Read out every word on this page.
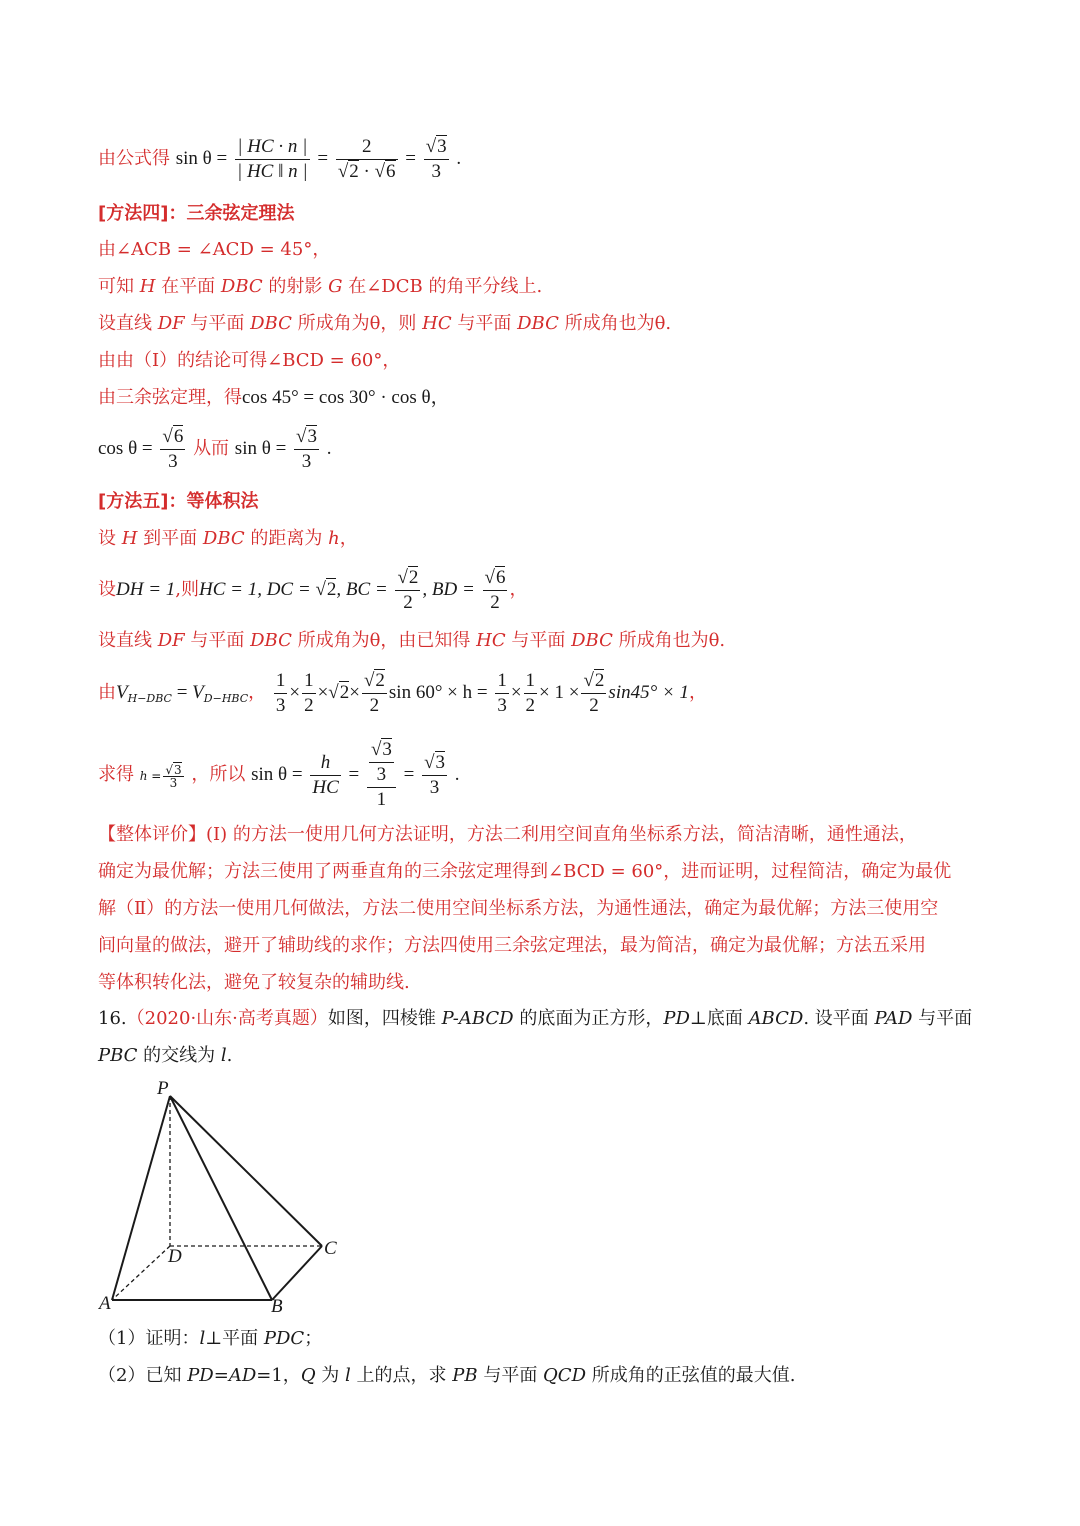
由公式得 $\sin \theta = \frac{| HC \cdot n |}{| HC ‖ n |} = \frac{2}{√2 \cdot √6} = \frac{√3}{3}$ .
[方法四]：三余弦定理法
由∠ACB = ∠ACD = 45°，
可知 H 在平面 DBC 的射影 G 在∠DCB 的角平分线上.
设直线 DF 与平面 DBC 所成角为θ，则 HC 与平面 DBC 所成角也为θ.
由由（Ⅰ）的结论可得∠BCD = 60°，
由三余弦定理，得cos 45° = cos 30° · cos θ，
$\cos \theta = \frac{√6}{3}$ 从而 $\sin \theta = \frac{√3}{3}$ .
[方法五]：等体积法
设 H 到平面 DBC 的距离为 h，
设DH = 1,则HC = 1, DC = √2, BC = $\frac{√2}{2}$ , BD = $\frac{√6}{2}$ ，
设直线 DF 与平面 DBC 所成角为θ，由已知得 HC 与平面 DBC 所成角也为θ.
由$V_{H-DBC} = V_{D-HBC}$， $\frac{1}{3} \times \frac{1}{2} \times√2\times \frac{√2}{2}$ $\sin 60^\circ \times h = \frac{1}{3} \times \frac{1}{2} \times 1 \times \frac{√2}{2} \sin 45^\circ \times 1$，
求得 $h = \frac{√3}{3}$ ，所以 $\sin \theta = \frac{h}{HC} = \frac{\frac{√3}{3}}{1} = \frac{√3}{3}$ .
【整体评价】(Ⅰ) 的方法一使用几何方法证明，方法二利用空间直角坐标系方法，简洁清晰，通性通法，
确定为最优解；方法三使用了两垂直角的三余弦定理得到∠BCD = 60°，进而证明，过程简洁，确定为最优
解（Ⅱ）的方法一使用几何做法，方法二使用空间坐标系方法，为通性通法，确定为最优解；方法三使用空
间向量的做法，避开了辅助线的求作；方法四使用三余弦定理法，最为简洁，确定为最优解；方法五采用
等体积转化法，避免了较复杂的辅助线.
16.（2020·山东·高考真题）如图，四棱锥 P-ABCD 的底面为正方形，PD⊥底面 ABCD. 设平面 PAD 与平面
PBC 的交线为 l.
P
D	C
A	B
（1）证明：l⊥平面 PDC；
（2）已知 PD=AD=1，Q 为 l 上的点，求 PB 与平面 QCD 所成角的正弦值的最大值.
